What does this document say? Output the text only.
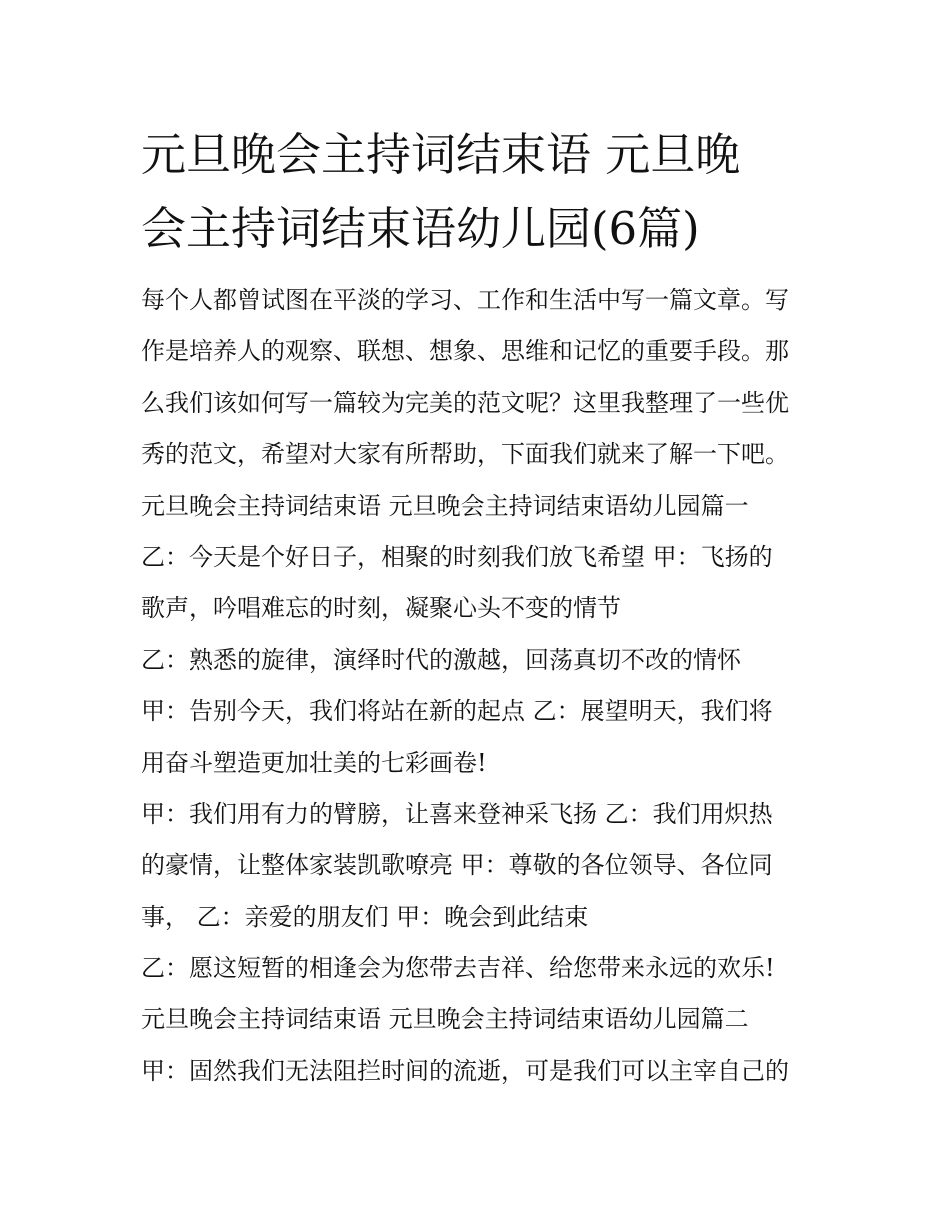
元旦晚会主持词结束语 元旦晚
会主持词结束语幼儿园(6篇)
每个人都曾试图在平淡的学习、工作和生活中写一篇文章。写
作是培养人的观察、联想、想象、思维和记忆的重要手段。那
么我们该如何写一篇较为完美的范文呢？这里我整理了一些优
秀的范文，希望对大家有所帮助，下面我们就来了解一下吧。
元旦晚会主持词结束语 元旦晚会主持词结束语幼儿园篇一
乙：今天是个好日子，相聚的时刻我们放飞希望 甲：飞扬的
歌声，吟唱难忘的时刻，凝聚心头不变的情节
乙：熟悉的旋律，演绎时代的激越，回荡真切不改的情怀
甲：告别今天，我们将站在新的起点 乙：展望明天，我们将
用奋斗塑造更加壮美的七彩画卷!
甲：我们用有力的臂膀，让喜来登神采飞扬 乙：我们用炽热
的豪情，让整体家装凯歌嘹亮 甲：尊敬的各位领导、各位同
事， 乙：亲爱的朋友们 甲：晚会到此结束
乙：愿这短暂的相逢会为您带去吉祥、给您带来永远的欢乐!
元旦晚会主持词结束语 元旦晚会主持词结束语幼儿园篇二
甲：固然我们无法阻拦时间的流逝，可是我们可以主宰自己的
